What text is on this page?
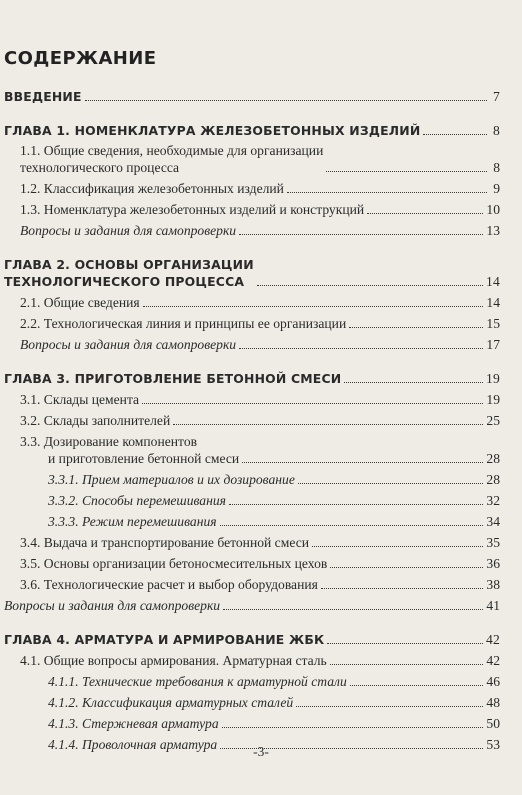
СОДЕРЖАНИЕ
ВВЕДЕНИЕ	7
ГЛАВА 1. НОМЕНКЛАТУРА ЖЕЛЕЗОБЕТОННЫХ ИЗДЕЛИЙ	8
1.1. Общие сведения, необходимые для организации
технологического процесса	8
1.2. Классификация железобетонных изделий	9
1.3. Номенклатура железобетонных изделий и конструкций	10
Вопросы и задания для самопроверки	13
ГЛАВА 2. ОСНОВЫ ОРГАНИЗАЦИИ
ТЕХНОЛОГИЧЕСКОГО ПРОЦЕССА	14
2.1. Общие сведения	14
2.2. Технологическая линия и принципы ее организации	15
Вопросы и задания для самопроверки	17
ГЛАВА 3. ПРИГОТОВЛЕНИЕ БЕТОННОЙ СМЕСИ	19
3.1. Склады цемента	19
3.2. Склады заполнителей	25
3.3. Дозирование компонентов
и приготовление бетонной смеси	28
3.3.1. Прием материалов и их дозирование	28
3.3.2. Способы перемешивания	32
3.3.3. Режим перемешивания	34
3.4. Выдача и транспортирование бетонной смеси	35
3.5. Основы организации бетоносмесительных цехов	36
3.6. Технологические расчет и выбор оборудования	38
Вопросы и задания для самопроверки	41
ГЛАВА 4. АРМАТУРА И АРМИРОВАНИЕ ЖБК	42
4.1. Общие вопросы армирования. Арматурная сталь	42
4.1.1. Технические требования к арматурной стали	46
4.1.2. Классификация арматурных сталей	48
4.1.3. Стержневая арматура	50
4.1.4. Проволочная арматура	53
-3-
